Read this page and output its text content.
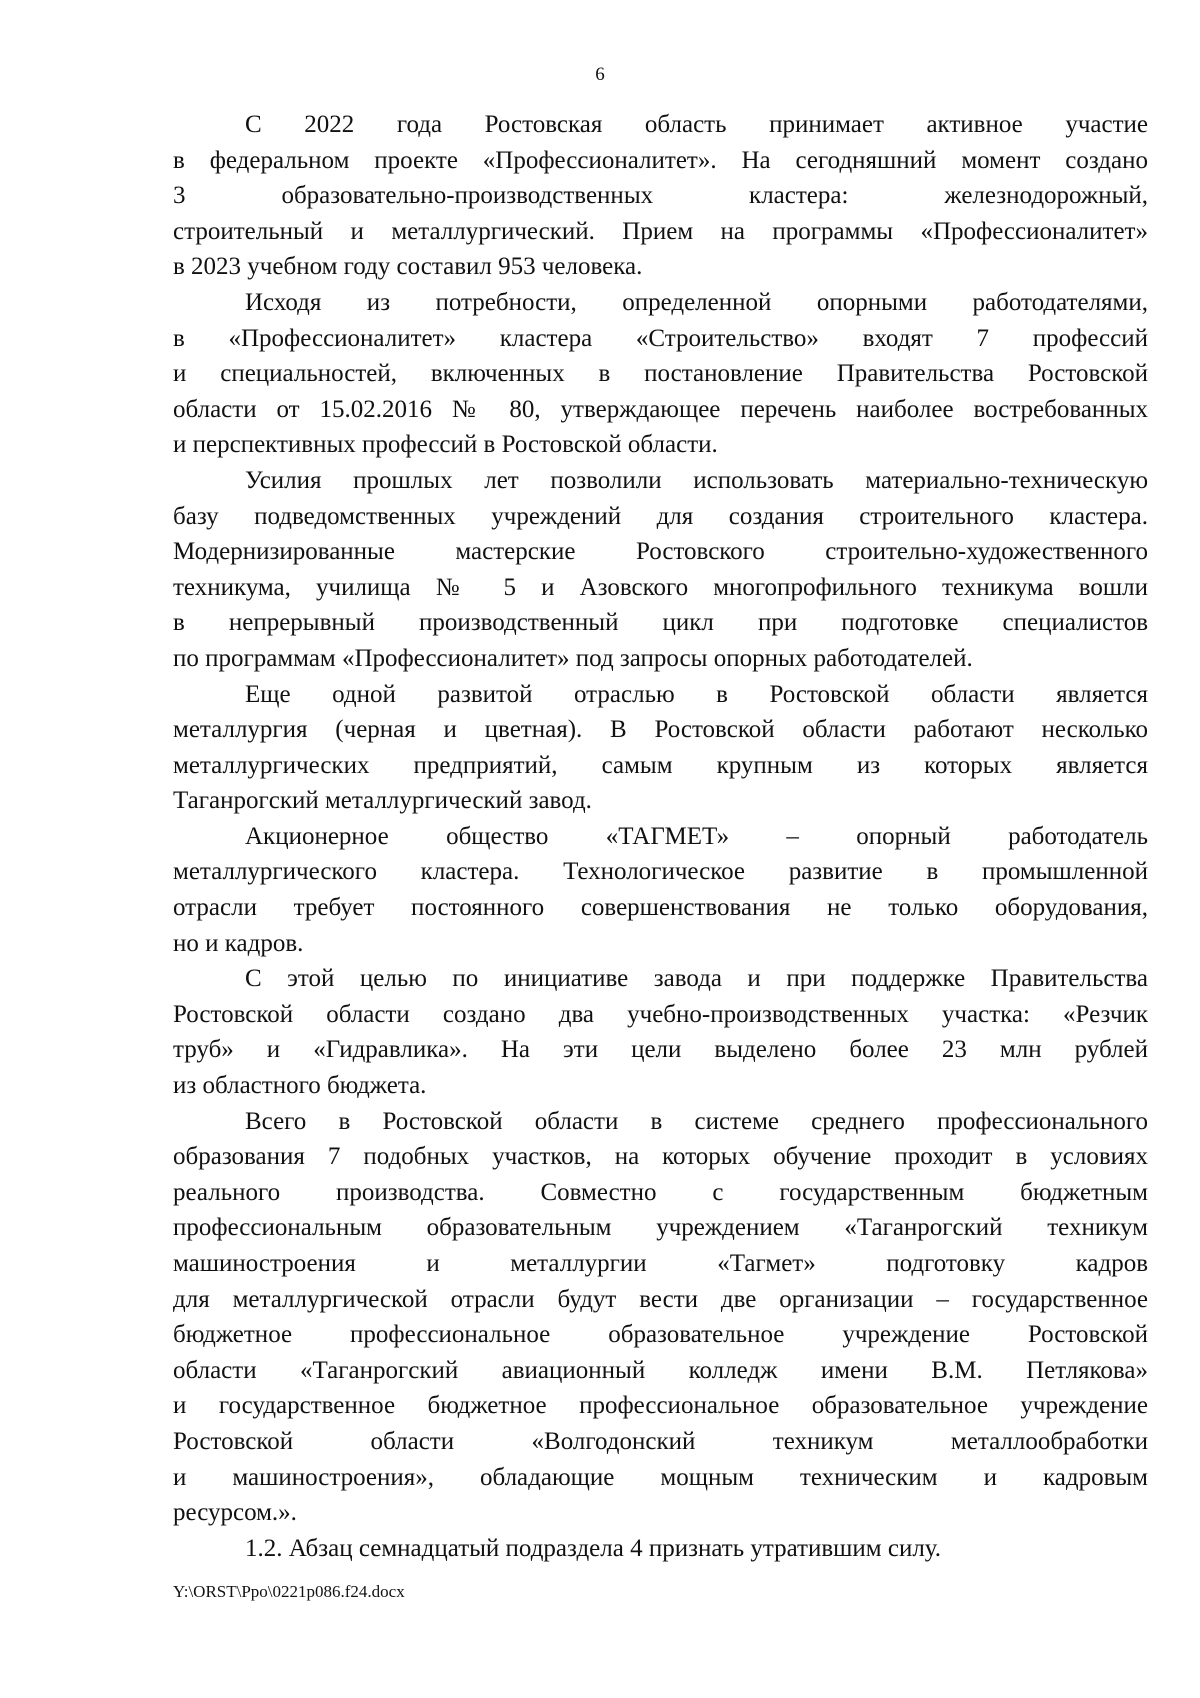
6
С 2022 года Ростовская область принимает активное участие
в федеральном проекте «Профессионалитет». На сегодняшний момент создано
3 образовательно-производственных кластера: железнодорожный,
строительный и металлургический. Прием на программы «Профессионалитет»
в 2023 учебном году составил 953 человека.
Исходя из потребности, определенной опорными работодателями,
в «Профессионалитет» кластера «Строительство» входят 7 профессий
и специальностей, включенных в постановление Правительства Ростовской
области от 15.02.2016 № 80, утверждающее перечень наиболее востребованных
и перспективных профессий в Ростовской области.
Усилия прошлых лет позволили использовать материально-техническую
базу подведомственных учреждений для создания строительного кластера.
Модернизированные мастерские Ростовского строительно-художественного
техникума, училища № 5 и Азовского многопрофильного техникума вошли
в непрерывный производственный цикл при подготовке специалистов
по программам «Профессионалитет» под запросы опорных работодателей.
Еще одной развитой отраслью в Ростовской области является
металлургия (черная и цветная). В Ростовской области работают несколько
металлургических предприятий, самым крупным из которых является
Таганрогский металлургический завод.
Акционерное общество «ТАГМЕТ» – опорный работодатель
металлургического кластера. Технологическое развитие в промышленной
отрасли требует постоянного совершенствования не только оборудования,
но и кадров.
С этой целью по инициативе завода и при поддержке Правительства
Ростовской области создано два учебно-производственных участка: «Резчик
труб» и «Гидравлика». На эти цели выделено более 23 млн рублей
из областного бюджета.
Всего в Ростовской области в системе среднего профессионального
образования 7 подобных участков, на которых обучение проходит в условиях
реального производства. Совместно с государственным бюджетным
профессиональным образовательным учреждением «Таганрогский техникум
машиностроения и металлургии «Тагмет» подготовку кадров
для металлургической отрасли будут вести две организации – государственное
бюджетное профессиональное образовательное учреждение Ростовской
области «Таганрогский авиационный колледж имени В.М. Петлякова»
и государственное бюджетное профессиональное образовательное учреждение
Ростовской области «Волгодонский техникум металлообработки
и машиностроения», обладающие мощным техническим и кадровым
ресурсом.».
1.2. Абзац семнадцатый подраздела 4 признать утратившим силу.
Y:\ORST\Ppo\0221p086.f24.docx
